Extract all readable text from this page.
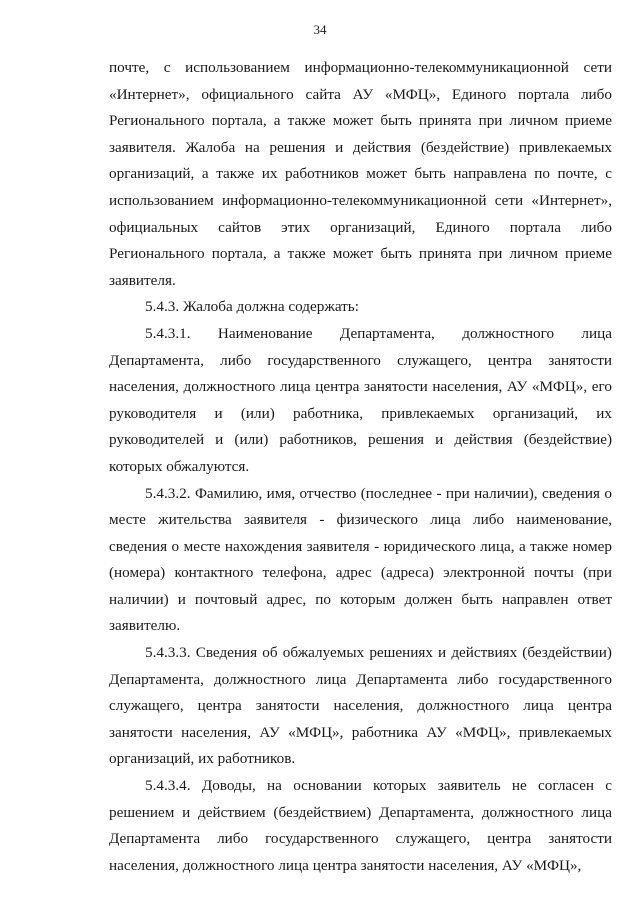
34

почте, с использованием информационно-телекоммуникационной сети «Интернет», официального сайта АУ «МФЦ», Единого портала либо Регионального портала, а также может быть принята при личном приеме заявителя. Жалоба на решения и действия (бездействие) привлекаемых организаций, а также их работников может быть направлена по почте, с использованием информационно-телекоммуникационной сети «Интернет», официальных сайтов этих организаций, Единого портала либо Регионального портала, а также может быть принята при личном приеме заявителя.

5.4.3. Жалоба должна содержать:

5.4.3.1. Наименование Департамента, должностного лица Департамента, либо государственного служащего, центра занятости населения, должностного лица центра занятости населения, АУ «МФЦ», его руководителя и (или) работника, привлекаемых организаций, их руководителей и (или) работников, решения и действия (бездействие) которых обжалуются.

5.4.3.2. Фамилию, имя, отчество (последнее - при наличии), сведения о месте жительства заявителя - физического лица либо наименование, сведения о месте нахождения заявителя - юридического лица, а также номер (номера) контактного телефона, адрес (адреса) электронной почты (при наличии) и почтовый адрес, по которым должен быть направлен ответ заявителю.

5.4.3.3. Сведения об обжалуемых решениях и действиях (бездействии) Департамента, должностного лица Департамента либо государственного служащего, центра занятости населения, должностного лица центра занятости населения, АУ «МФЦ», работника АУ «МФЦ», привлекаемых организаций, их работников.

5.4.3.4. Доводы, на основании которых заявитель не согласен с решением и действием (бездействием) Департамента, должностного лица Департамента либо государственного служащего, центра занятости населения, должностного лица центра занятости населения, АУ «МФЦ»,
